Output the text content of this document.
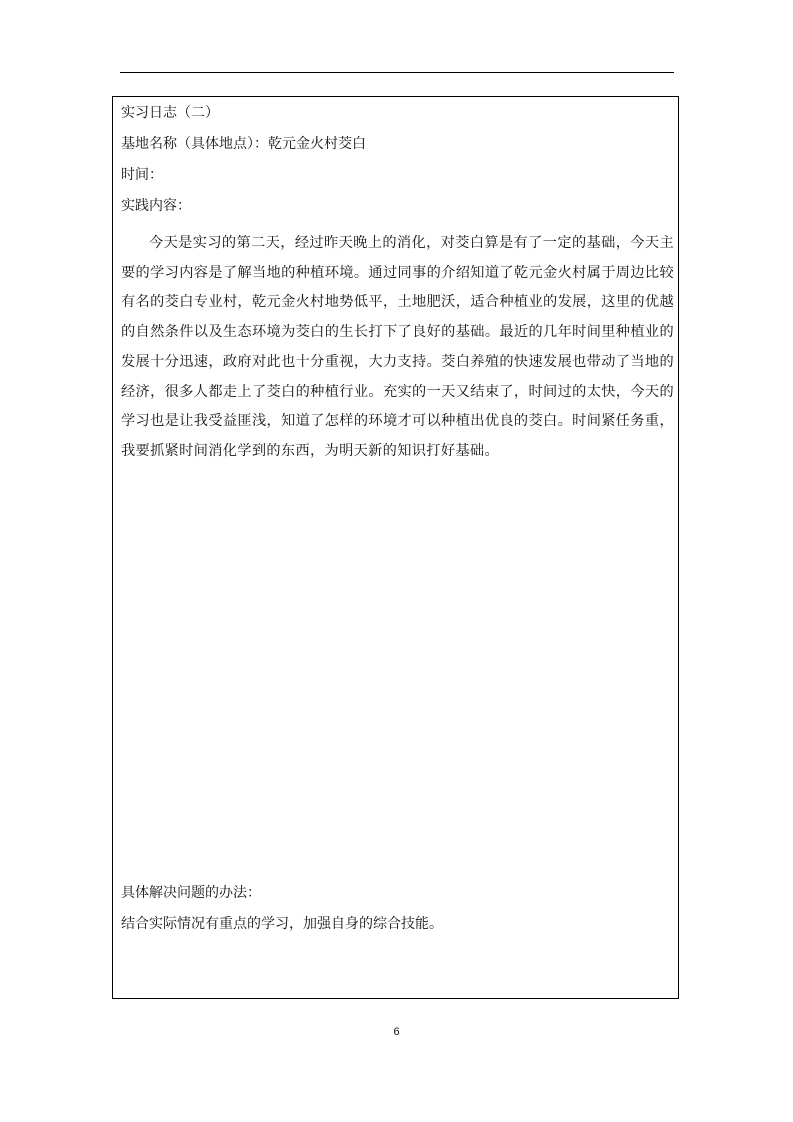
实习日志（二）
基地名称（具体地点）：乾元金火村茭白
时间：
实践内容：

今天是实习的第二天，经过昨天晚上的消化，对茭白算是有了一定的基础，今天主要的学习内容是了解当地的种植环境。通过同事的介绍知道了乾元金火村属于周边比较有名的茭白专业村，乾元金火村地势低平，土地肥沃，适合种植业的发展，这里的优越的自然条件以及生态环境为茭白的生长打下了良好的基础。最近的几年时间里种植业的发展十分迅速，政府对此也十分重视，大力支持。茭白养殖的快速发展也带动了当地的经济，很多人都走上了茭白的种植行业。充实的一天又结束了，时间过的太快，今天的学习也是让我受益匪浅，知道了怎样的环境才可以种植出优良的茭白。时间紧任务重，我要抓紧时间消化学到的东西，为明天新的知识打好基础。

具体解决问题的办法：
结合实际情况有重点的学习，加强自身的综合技能。
6
